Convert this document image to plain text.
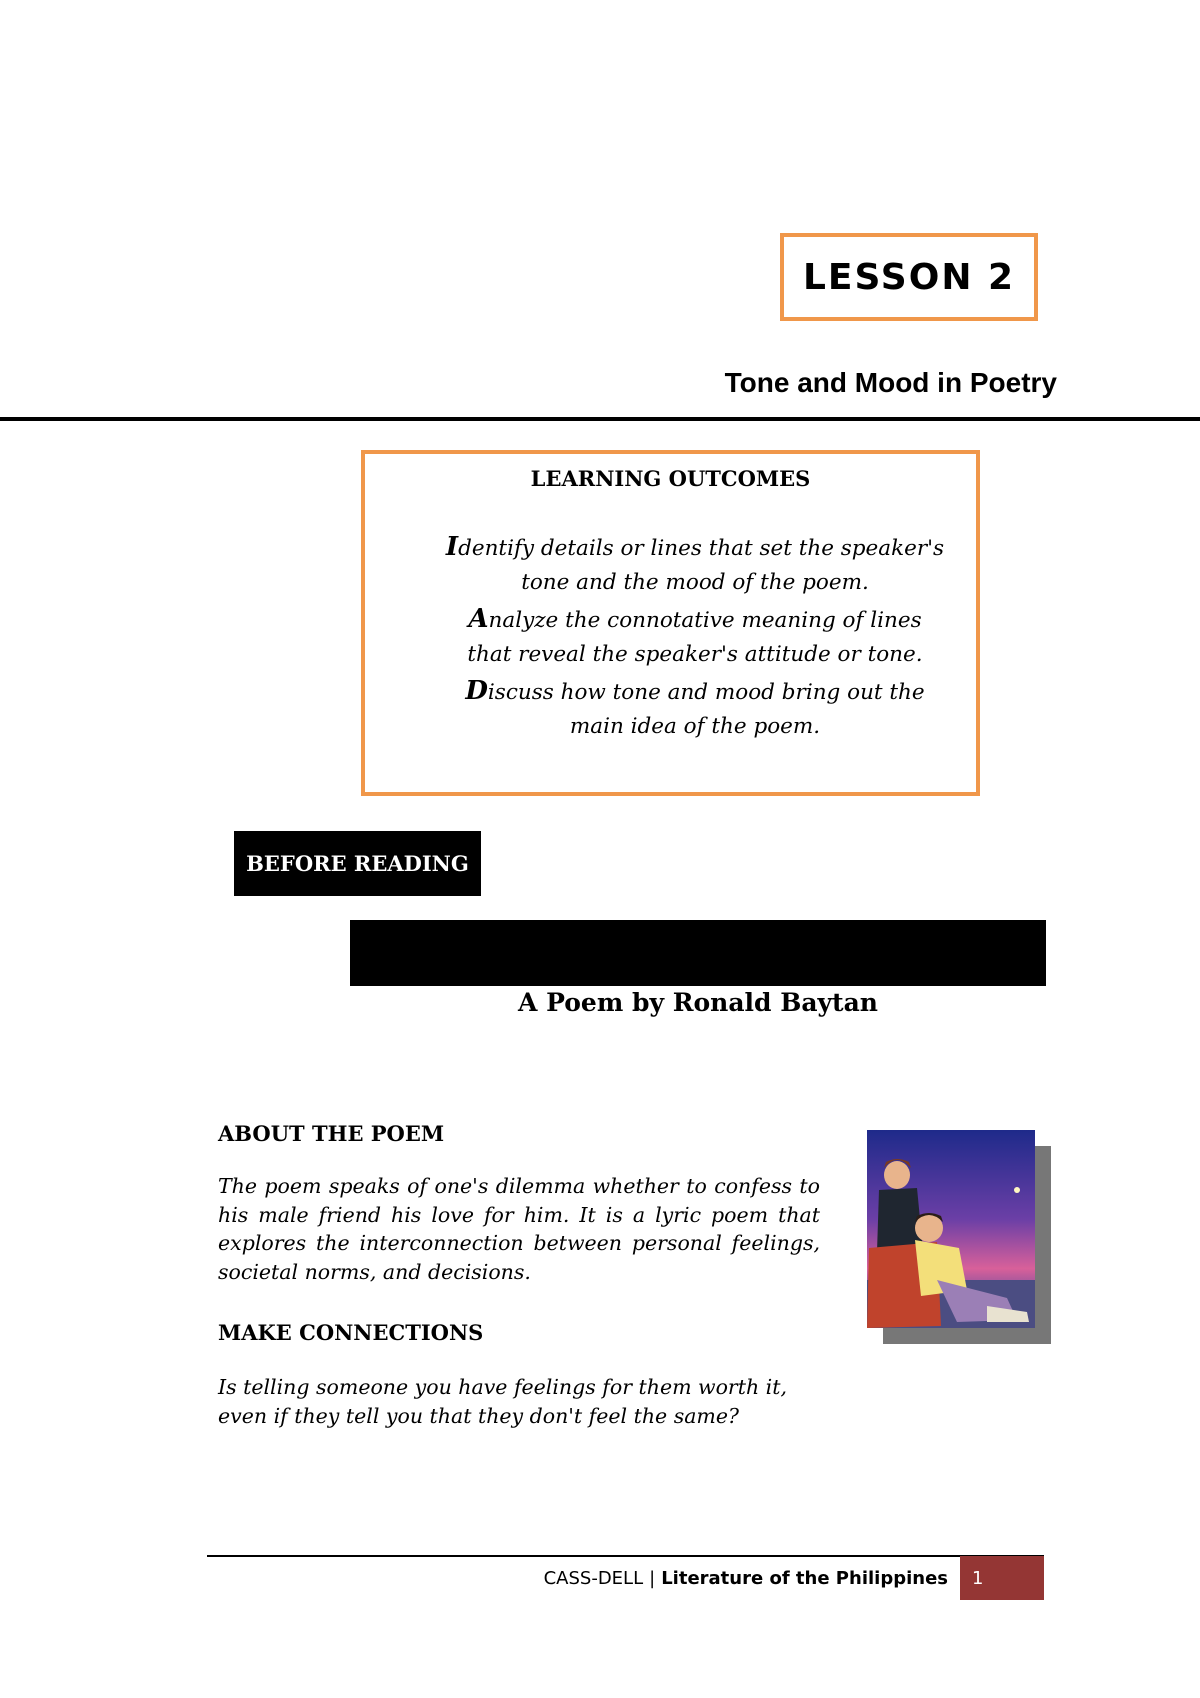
LESSON 2
Tone and Mood in Poetry
LEARNING OUTCOMES
Identify details or lines that set the speaker's tone and the mood of the poem.
Analyze the connotative meaning of lines that reveal the speaker's attitude or tone.
Discuss how tone and mood bring out the main idea of the poem.
BEFORE READING
A Poem by Ronald Baytan
ABOUT THE POEM
The poem speaks of one's dilemma whether to confess to his male friend his love for him. It is a lyric poem that explores the interconnection between personal feelings, societal norms, and decisions.
MAKE CONNECTIONS
Is telling someone you have feelings for them worth it, even if they tell you that they don't feel the same?
CASS-DELL | Literature of the Philippines	1
